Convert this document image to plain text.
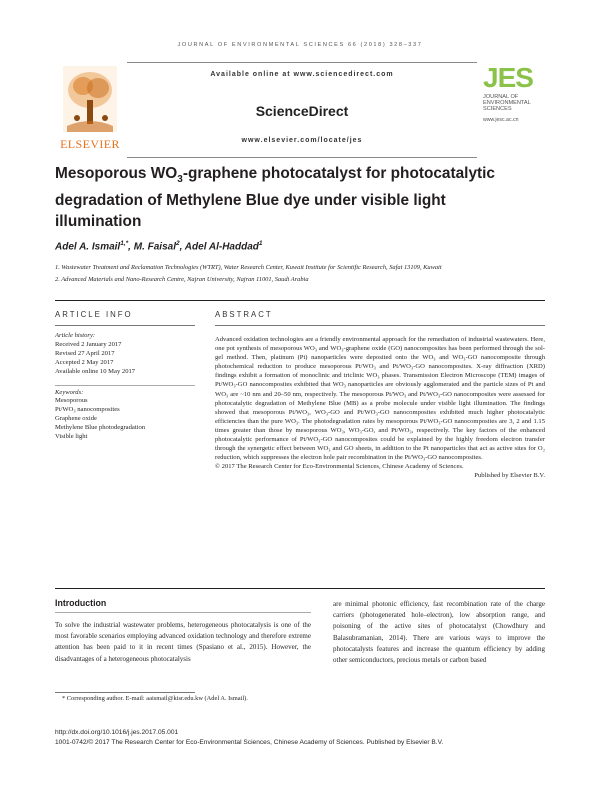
JOURNAL OF ENVIRONMENTAL SCIENCES 66 (2018) 328–337
ELSEVIER
Available online at www.sciencedirect.com
ScienceDirect
www.elsevier.com/locate/jes
JES
JOURNAL OF ENVIRONMENTAL SCIENCES
www.jesc.ac.cn
Mesoporous $WO_3$-graphene photocatalyst for photocatalytic degradation of Methylene Blue dye under visible light illumination
Adel A. Ismail$^{1,*}$, M. Faisal$^2$, Adel Al-Haddad$^1$
1. Wastewater Treatment and Reclamation Technologies (WTRT), Water Research Center, Kuwait Institute for Scientific Research, Safat 13109, Kuwait
2. Advanced Materials and Nano-Research Centre, Najran University, Najran 11001, Saudi Arabia
ARTICLE INFO
Article history:
Received 2 January 2017
Revised 27 April 2017
Accepted 2 May 2017
Available online 10 May 2017
Keywords:
Mesoporous
Pt/WO₃ nanocomposites
Graphene oxide
Methylene Blue photodegradation
Visible light
ABSTRACT
Advanced oxidation technologies are a friendly environmental approach for the remediation of industrial wastewaters. Here, one pot synthesis of mesoporous WO₃ and WO₃-graphene oxide (GO) nanocomposites has been performed through the sol-gel method. Then, platinum (Pt) nanoparticles were deposited onto the WO₃ and WO₃-GO nanocomposite through photochemical reduction to produce mesoporous Pt/WO₃ and Pt/WO₃-GO nanocomposites. X-ray diffraction (XRD) findings exhibit a formation of monoclinic and triclinic WO₃ phases. Transmission Electron Microscope (TEM) images of Pt/WO₃-GO nanocomposites exhibited that WO₃ nanoparticles are obviously agglomerated and the particle sizes of Pt and WO₃ are ~10 nm and 20–50 nm, respectively. The mesoporous Pt/WO₃ and Pt/WO₃-GO nanocomposites were assessed for photocatalytic degradation of Methylene Blue (MB) as a probe molecule under visible light illumination. The findings showed that mesoporous Pt/WO₃, WO₃-GO and Pt/WO₃-GO nanocomposites exhibited much higher photocatalytic efficiencies than the pure WO₃. The photodegradation rates by mesoporous Pt/WO₃-GO nanocomposites are 3, 2 and 1.15 times greater than those by mesoporous WO₃, WO₃-GO, and Pt/WO₃, respectively. The key factors of the enhanced photocatalytic performance of Pt/WO₃-GO nanocomposites could be explained by the highly freedom electron transfer through the synergetic effect between WO₃ and GO sheets, in addition to the Pt nanoparticles that act as active sites for O₂ reduction, which suppresses the electron hole pair recombination in the Pt/WO₃-GO nanocomposites.
© 2017 The Research Center for Eco-Environmental Sciences, Chinese Academy of Sciences.
Published by Elsevier B.V.
Introduction
To solve the industrial wastewater problems, heterogeneous photocatalysis is one of the most favorable scenarios employing advanced oxidation technology and therefore extreme attention has been paid to it in recent times (Spasiano et al., 2015). However, the disadvantages of a heterogeneous photocatalysis
are minimal photonic efficiency, fast recombination rate of the charge carriers (photogenerated hole–electron), low absorption range, and poisoning of the active sites of photocatalyst (Chowdhury and Balasubramanian, 2014). There are various ways to improve the photocatalysts features and increase the quantum efficiency by adding other semiconductors, precious metals or carbon based
* Corresponding author. E-mail: aaismail@kisr.edu.kw (Adel A. Ismail).
http://dx.doi.org/10.1016/j.jes.2017.05.001
1001-0742/© 2017 The Research Center for Eco-Environmental Sciences, Chinese Academy of Sciences. Published by Elsevier B.V.
